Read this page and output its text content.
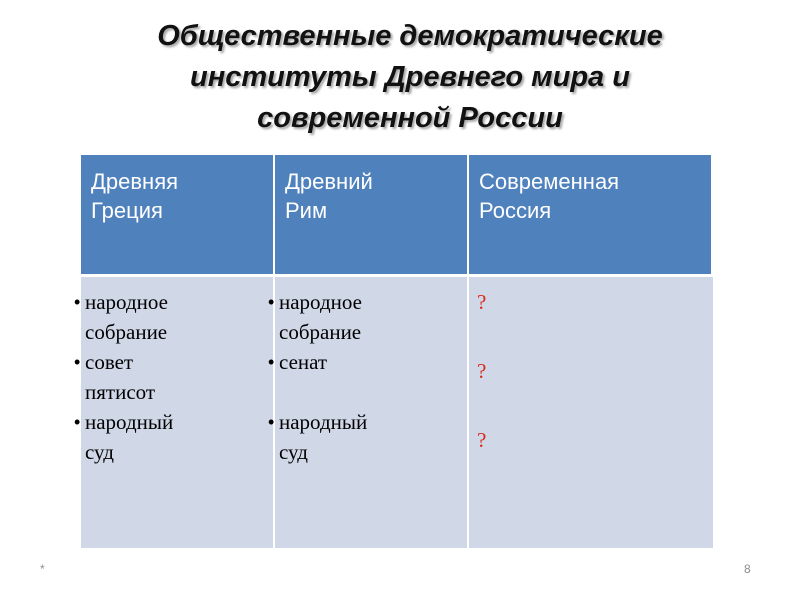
Общественные демократические
институты Древнего мира и
современной России
Древняя
Греция
Древний
Рим
Современная
Россия
• народное
собрание
• совет
пятисот
• народный
суд
• народное
собрание
• сенат
• народный
суд
?
?
?
*	8
